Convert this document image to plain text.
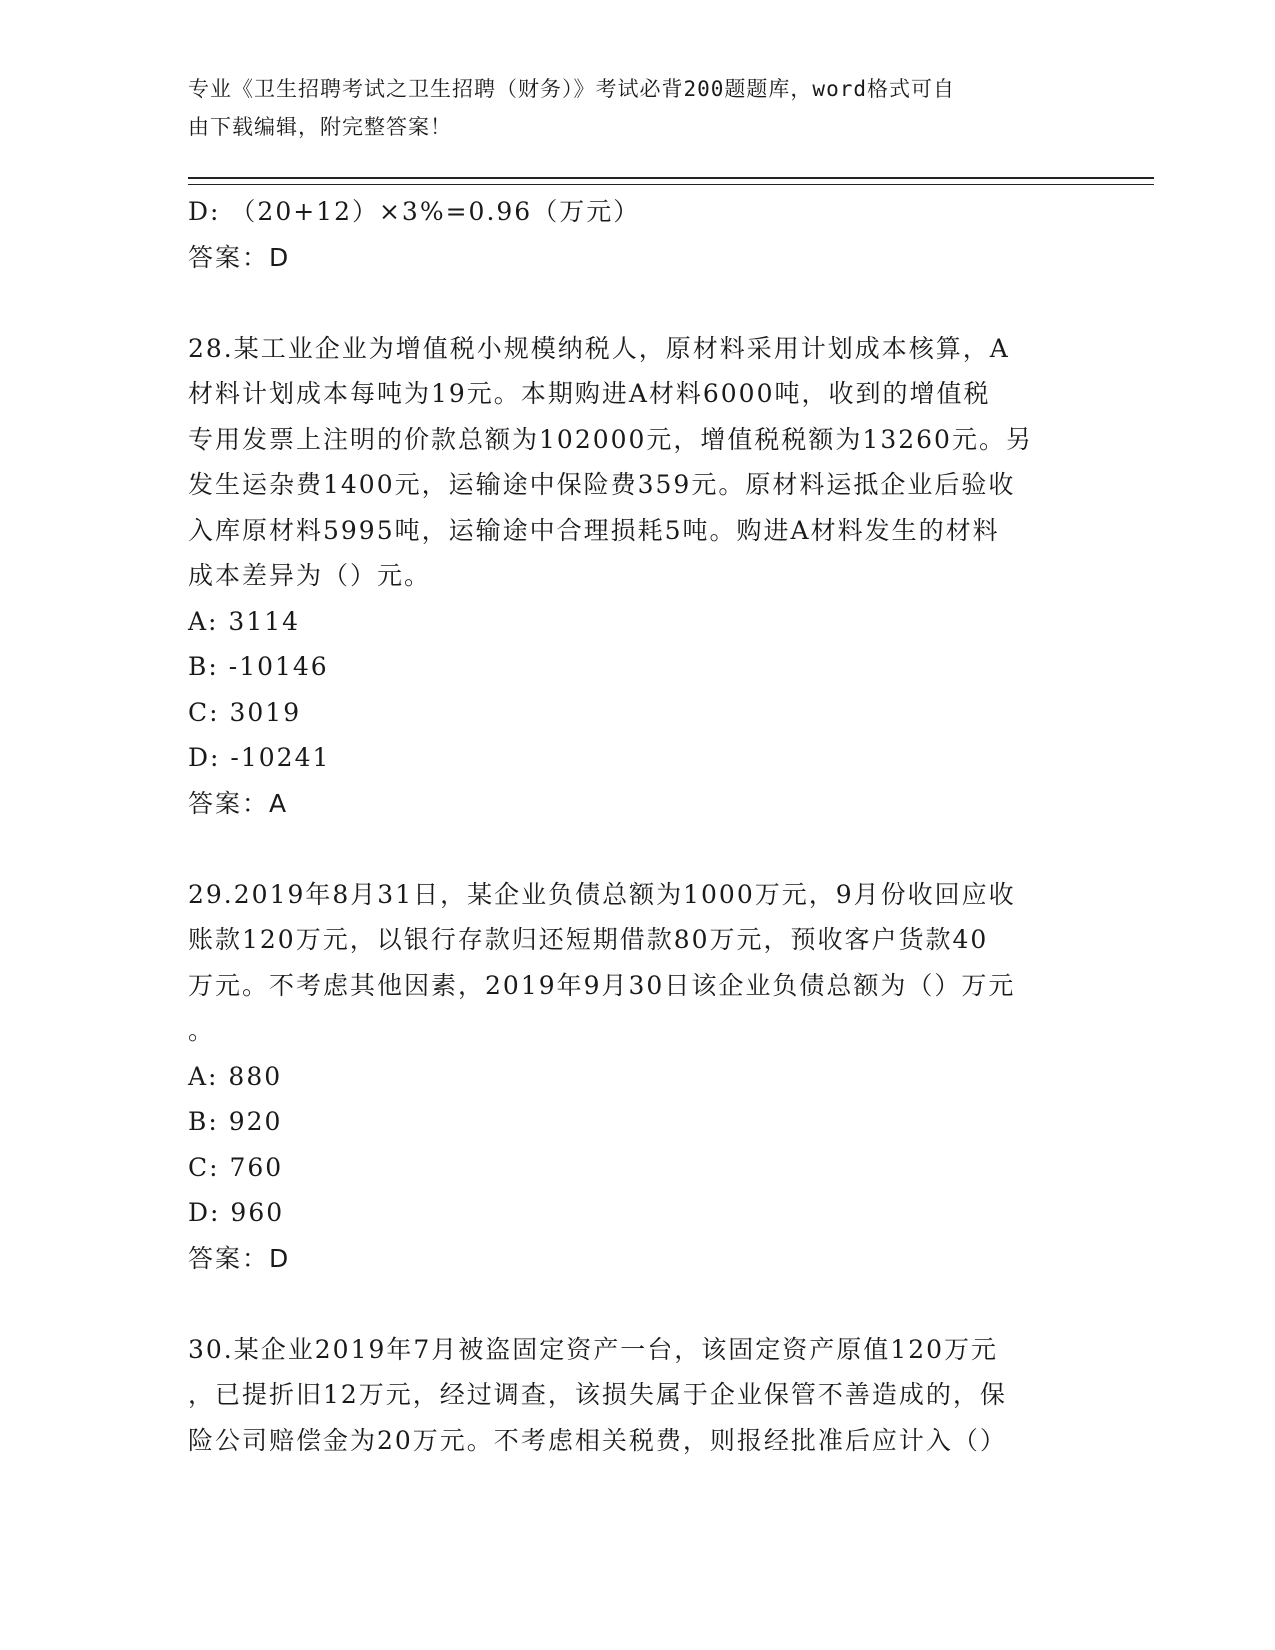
专业《卫生招聘考试之卫生招聘（财务）》考试必背200题题库，word格式可自
由下载编辑，附完整答案！
D: （20+12）×3%=0.96（万元）
答案：D
28.某工业企业为增值税小规模纳税人，原材料采用计划成本核算，A
材料计划成本每吨为19元。本期购进A材料6000吨，收到的增值税
专用发票上注明的价款总额为102000元，增值税税额为13260元。另
发生运杂费1400元，运输途中保险费359元。原材料运抵企业后验收
入库原材料5995吨，运输途中合理损耗5吨。购进A材料发生的材料
成本差异为（）元。
A: 3114
B: -10146
C: 3019
D: -10241
答案：A
29.2019年8月31日，某企业负债总额为1000万元，9月份收回应收
账款120万元，以银行存款归还短期借款80万元，预收客户货款40
万元。不考虑其他因素，2019年9月30日该企业负债总额为（）万元
。
A: 880
B: 920
C: 760
D: 960
答案：D
30.某企业2019年7月被盗固定资产一台，该固定资产原值120万元
，已提折旧12万元，经过调查，该损失属于企业保管不善造成的，保
险公司赔偿金为20万元。不考虑相关税费，则报经批准后应计入（）
